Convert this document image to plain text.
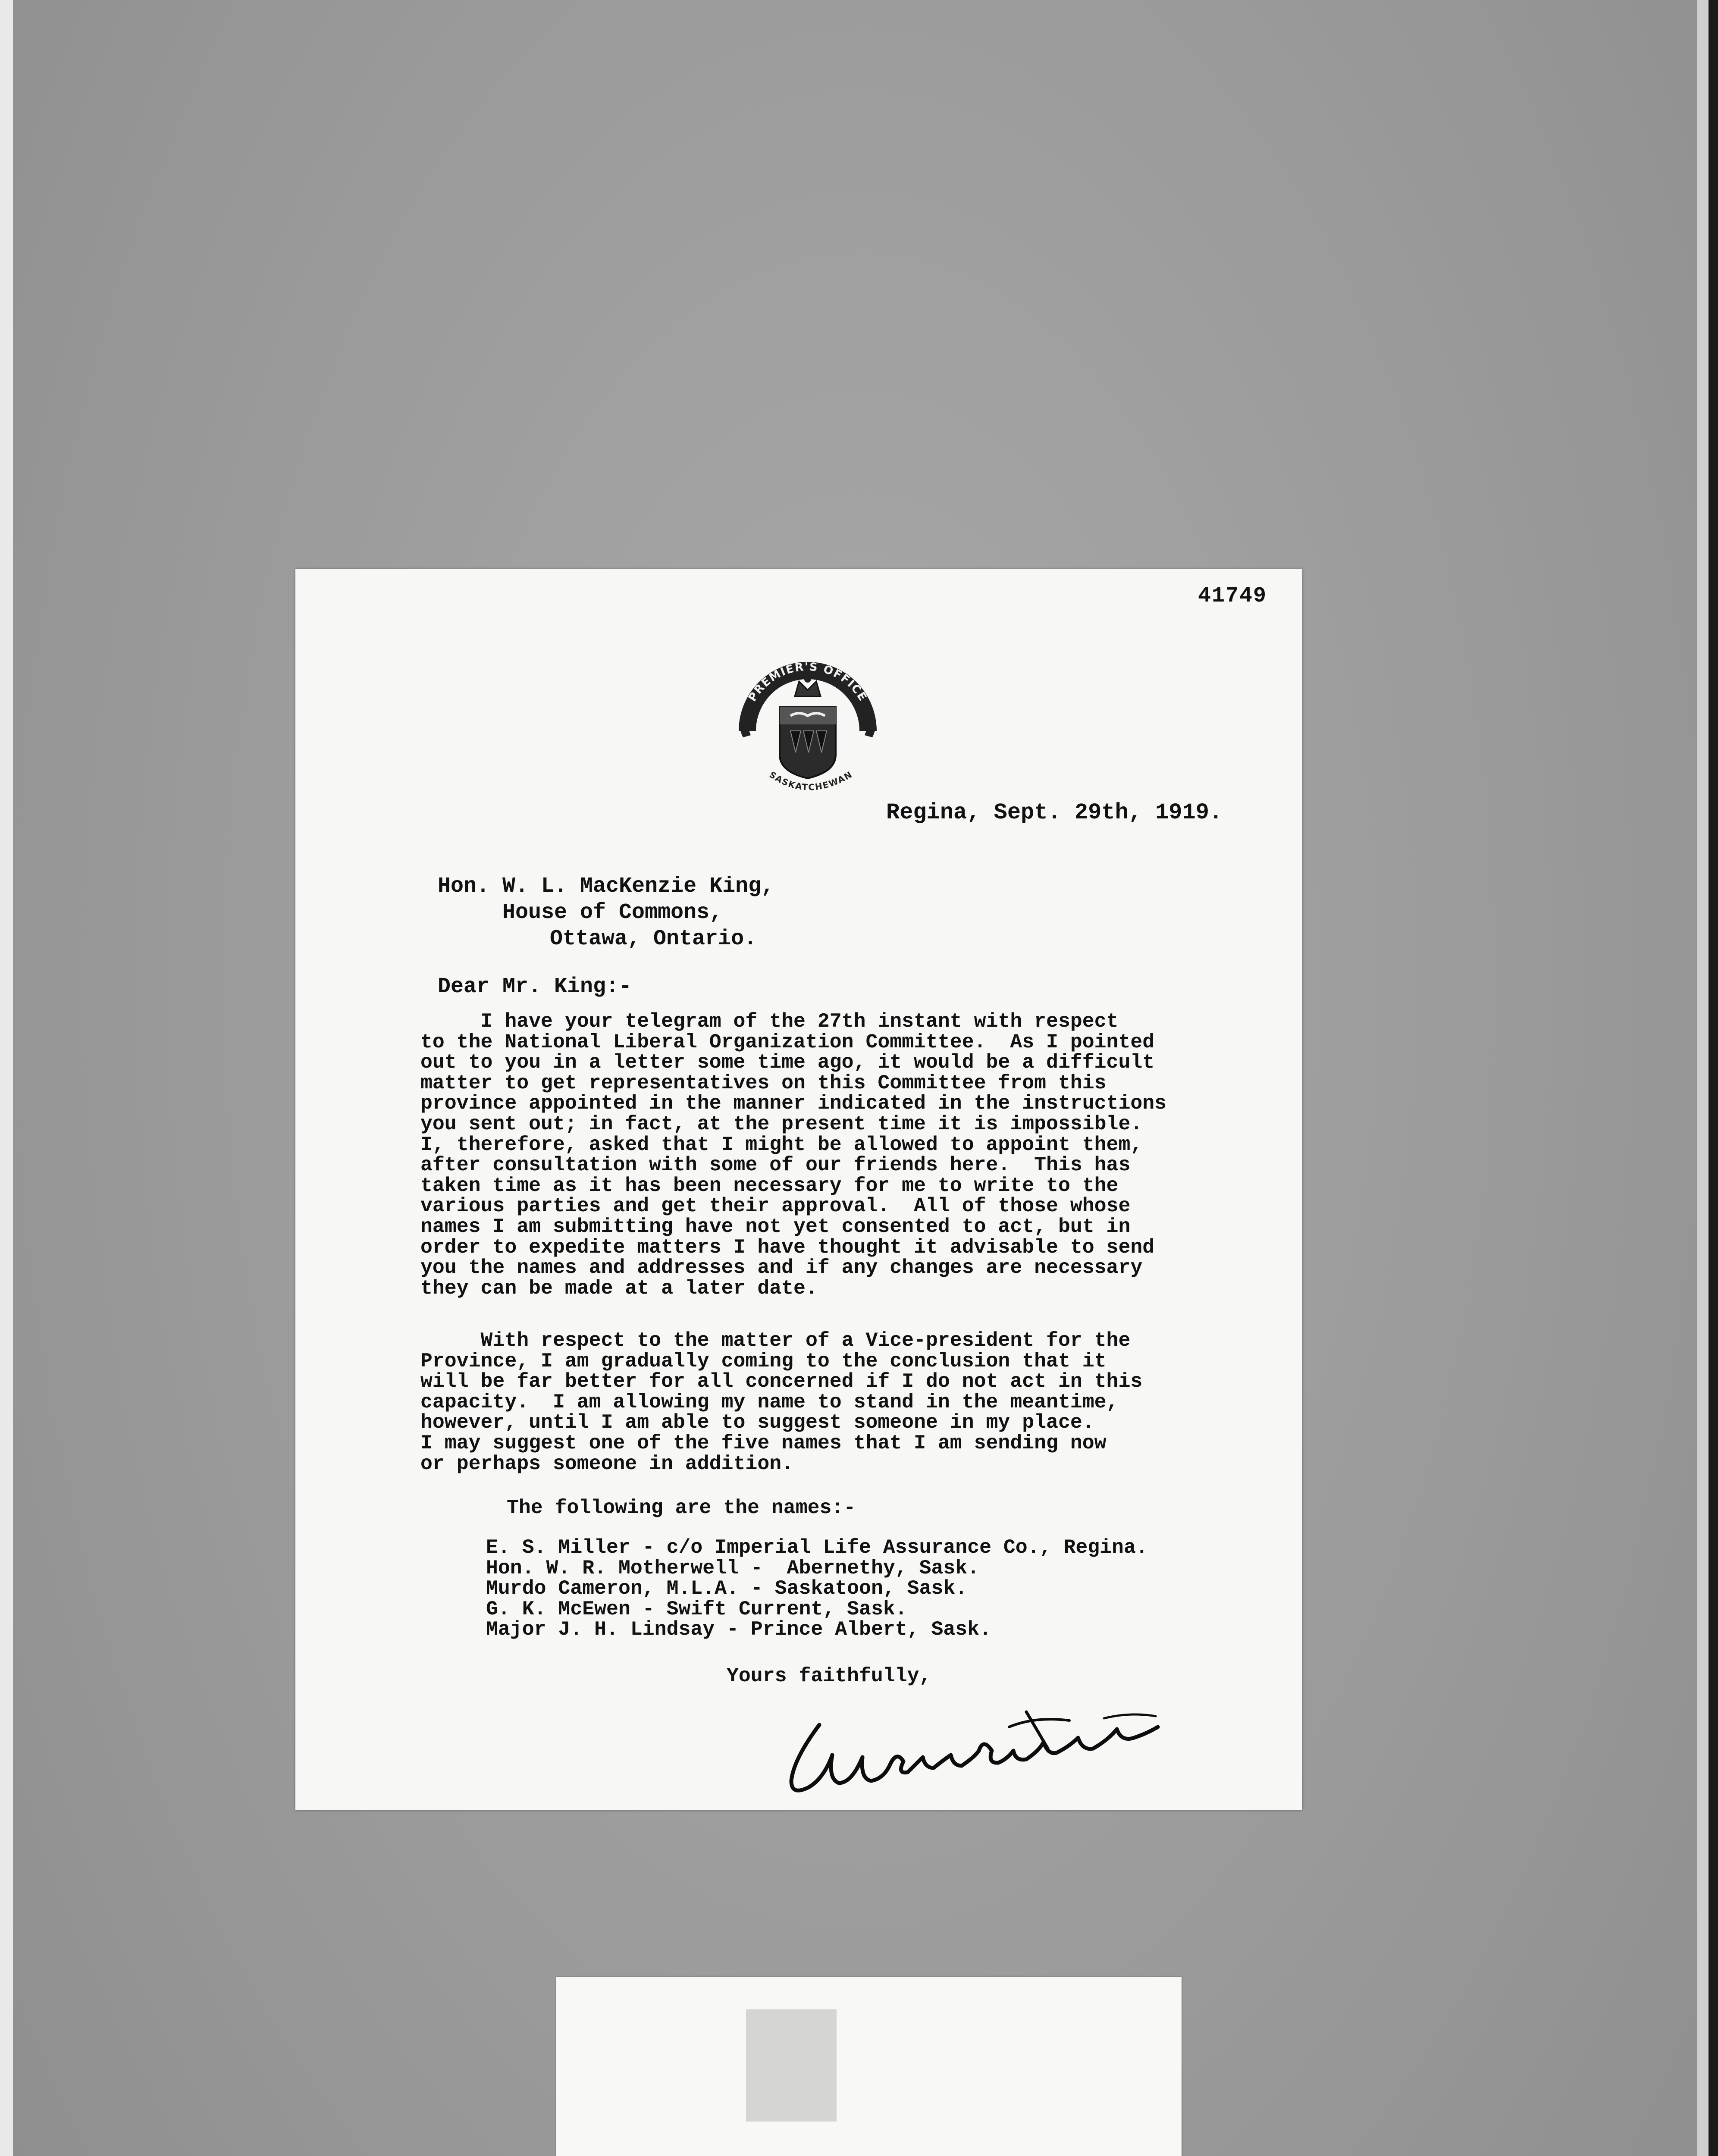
41749
PREMIER'S OFFICE
SASKATCHEWAN
Regina, Sept. 29th, 1919.
Hon. W. L. MacKenzie King,
House of Commons,
Ottawa, Ontario.
Dear Mr. King:-
I have your telegram of the 27th instant with respect
to the National Liberal Organization Committee.  As I pointed
out to you in a letter some time ago, it would be a difficult
matter to get representatives on this Committee from this
province appointed in the manner indicated in the instructions
you sent out; in fact, at the present time it is impossible.
I, therefore, asked that I might be allowed to appoint them,
after consultation with some of our friends here.  This has
taken time as it has been necessary for me to write to the
various parties and get their approval.  All of those whose
names I am submitting have not yet consented to act, but in
order to expedite matters I have thought it advisable to send
you the names and addresses and if any changes are necessary
they can be made at a later date.
With respect to the matter of a Vice-president for the
Province, I am gradually coming to the conclusion that it
will be far better for all concerned if I do not act in this
capacity.  I am allowing my name to stand in the meantime,
however, until I am able to suggest someone in my place.
I may suggest one of the five names that I am sending now
or perhaps someone in addition.
The following are the names:-
E. S. Miller - c/o Imperial Life Assurance Co., Regina.
Hon. W. R. Motherwell -  Abernethy, Sask.
Murdo Cameron, M.L.A. - Saskatoon, Sask.
G. K. McEwen - Swift Current, Sask.
Major J. H. Lindsay - Prince Albert, Sask.
Yours faithfully,
